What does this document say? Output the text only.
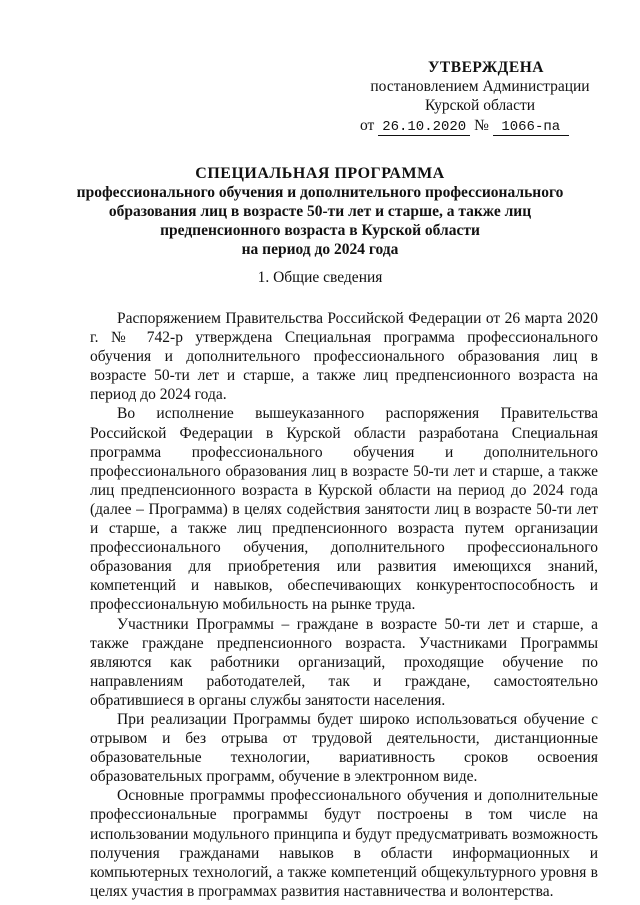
УТВЕРЖДЕНА
постановлением Администрации
Курской области
от 26.10.2020 № 1066-па
СПЕЦИАЛЬНАЯ ПРОГРАММА
профессионального обучения и дополнительного профессионального
образования лиц в возрасте 50-ти лет и старше, а также лиц
предпенсионного возраста в Курской области
на период до 2024 года
1. Общие сведения

Распоряжением Правительства Российской Федерации от 26 марта 2020 г. № 742-р утверждена Специальная программа профессионального обучения и дополнительного профессионального образования лиц в возрасте 50-ти лет и старше, а также лиц предпенсионного возраста на период до 2024 года.

Во исполнение вышеуказанного распоряжения Правительства Российской Федерации в Курской области разработана Специальная программа профессионального обучения и дополнительного профессионального образования лиц в возрасте 50-ти лет и старше, а также лиц предпенсионного возраста в Курской области на период до 2024 года (далее – Программа) в целях содействия занятости лиц в возрасте 50-ти лет и старше, а также лиц предпенсионного возраста путем организации профессионального обучения, дополнительного профессионального образования для приобретения или развития имеющихся знаний, компетенций и навыков, обеспечивающих конкурентоспособность и профессиональную мобильность на рынке труда.

Участники Программы – граждане в возрасте 50-ти лет и старше, а также граждане предпенсионного возраста. Участниками Программы являются как работники организаций, проходящие обучение по направлениям работодателей, так и граждане, самостоятельно обратившиеся в органы службы занятости населения.

При реализации Программы будет широко использоваться обучение с отрывом и без отрыва от трудовой деятельности, дистанционные образовательные технологии, вариативность сроков освоения образовательных программ, обучение в электронном виде.

Основные программы профессионального обучения и дополнительные профессиональные программы будут построены в том числе на использовании модульного принципа и будут предусматривать возможность получения гражданами навыков в области информационных и компьютерных технологий, а также компетенций общекультурного уровня в целях участия в программах развития наставничества и волонтерства.
